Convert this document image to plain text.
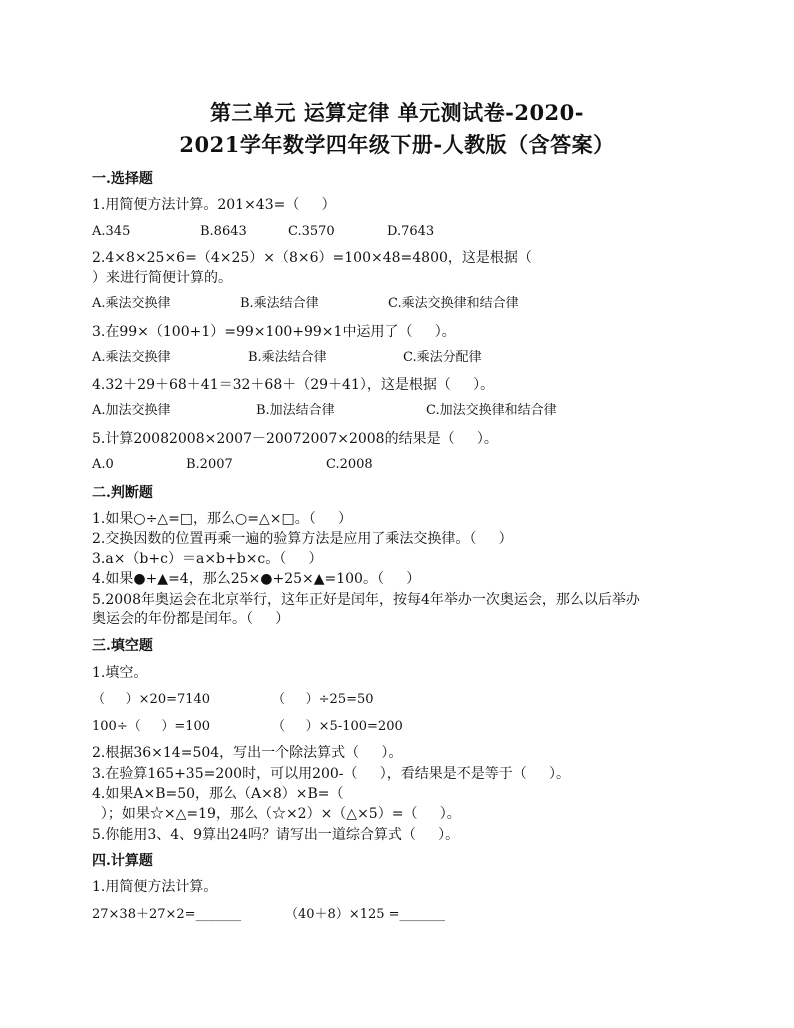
第三单元 运算定律 单元测试卷-2020-
2021学年数学四年级下册-人教版（含答案）
一.选择题
1.用简便方法计算。201×43=（     ）
A.345	B.8643	C.3570	D.7643
2.4×8×25×6=（4×25）×（8×6）=100×48=4800，这是根据（
）来进行简便计算的。
A.乘法交换律	B.乘法结合律	C.乘法交换律和结合律
3.在99×（100+1）=99×100+99×1中运用了（     ）。
A.乘法交换律	B.乘法结合律	C.乘法分配律
4.32＋29＋68＋41＝32＋68＋（29＋41），这是根据（     ）。
A.加法交换律	B.加法结合律	C.加法交换律和结合律
5.计算20082008×2007－20072007×2008的结果是（     ）。
A.0	B.2007	C.2008
二.判断题
1.如果○÷△=□，那么○=△×□。（     ）
2.交换因数的位置再乘一遍的验算方法是应用了乘法交换律。（     ）
3.a×（b+c）＝a×b+b×c。（     ）
4.如果●+▲=4，那么25×●+25×▲=100。（     ）
5.2008年奥运会在北京举行，这年正好是闰年，按每4年举办一次奥运会，那么以后举办
奥运会的年份都是闰年。（     ）
三.填空题
1.填空。
（     ）×20=7140	（     ）÷25=50
100÷（     ）=100	（     ）×5-100=200
2.根据36×14=504，写出一个除法算式（     ）。
3.在验算165+35=200时，可以用200-（     ），看结果是不是等于（     ）。
4.如果A×B=50，那么（A×8）×B=（
）；如果☆×△=19，那么（☆×2）×（△×5）=（     ）。
5.你能用3、4、9算出24吗？请写出一道综合算式（     ）。
四.计算题
1.用简便方法计算。
27×38＋27×2=_______	（40＋8）×125 =_______
